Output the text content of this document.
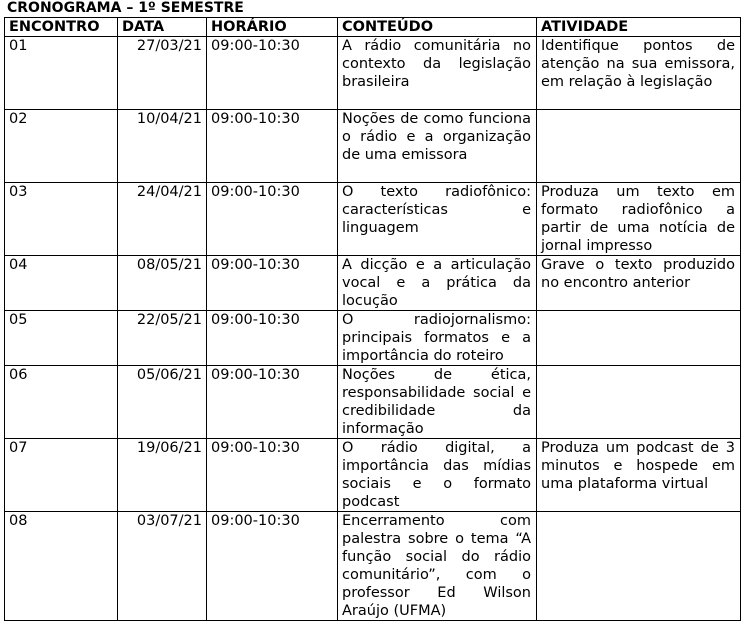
CRONOGRAMA – 1º SEMESTRE
ENCONTRO	DATA	HORÁRIO	CONTEÚDO	ATIVIDADE
01	27/03/21	09:00-10:30	A rádio comunitária no contexto da legislação brasileira	Identifique pontos de atenção na sua emissora, em relação à legislação
02	10/04/21	09:00-10:30	Noções de como funciona o rádio e a organização de uma emissora	
03	24/04/21	09:00-10:30	O texto radiofônico: características e linguagem	Produza um texto em formato radiofônico a partir de uma notícia de jornal impresso
04	08/05/21	09:00-10:30	A dicção e a articulação vocal e a prática da locução	Grave o texto produzido no encontro anterior
05	22/05/21	09:00-10:30	O radiojornalismo: principais formatos e a importância do roteiro	
06	05/06/21	09:00-10:30	Noções de ética, responsabilidade social e credibilidade da informação	
07	19/06/21	09:00-10:30	O rádio digital, a importância das mídias sociais e o formato podcast	Produza um podcast de 3 minutos e hospede em uma plataforma virtual
08	03/07/21	09:00-10:30	Encerramento com palestra sobre o tema “A função social do rádio comunitário”, com o professor Ed Wilson Araújo (UFMA)	
